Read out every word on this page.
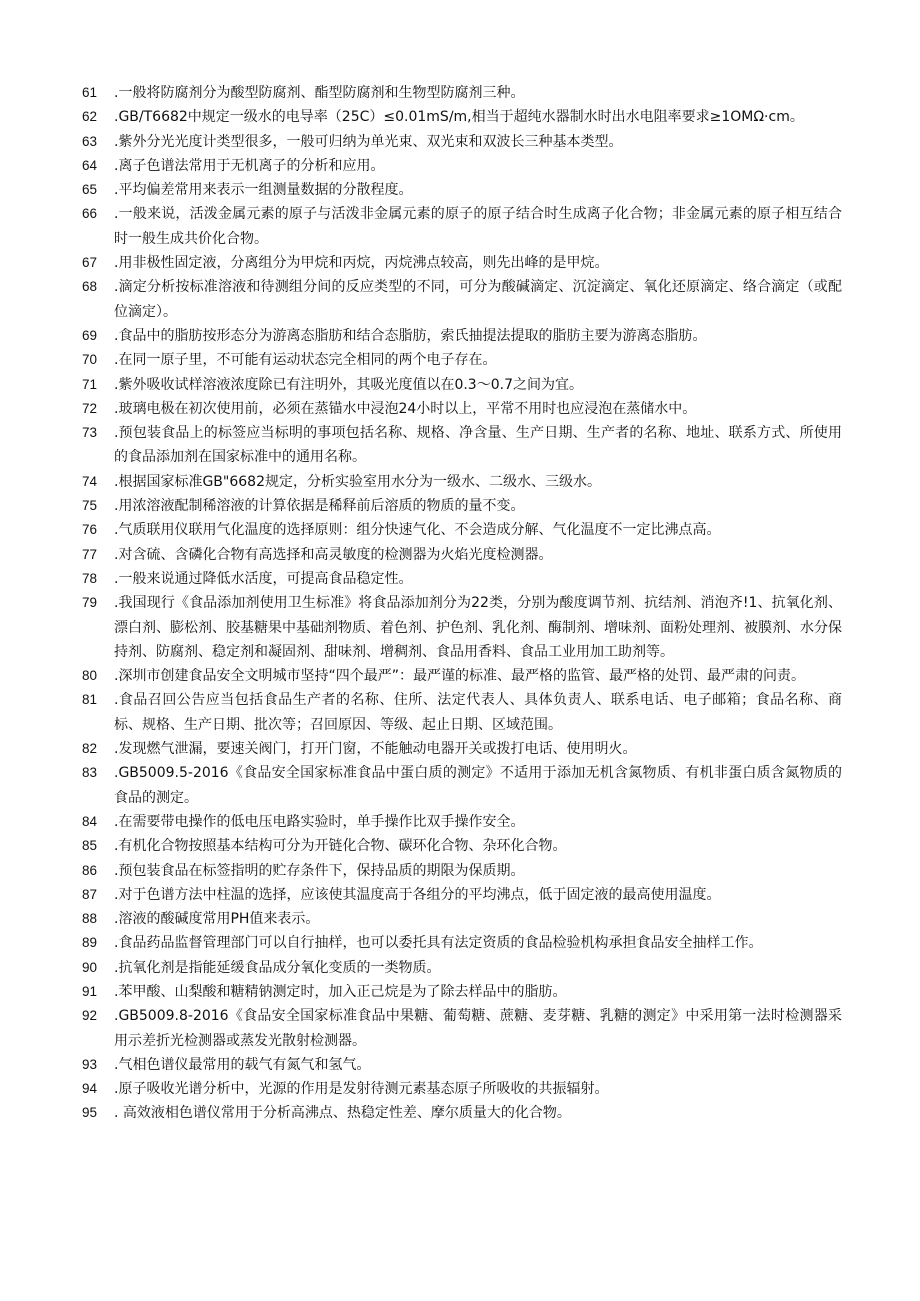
61	.一般将防腐剂分为酸型防腐剂、酯型防腐剂和生物型防腐剂三种。
62	.GB/T6682中规定一级水的电导率（25C）≤0.01mS∕m,相当于超纯水器制水时出水电阻率要求≥1OMΩ·cm。
63	.紫外分光光度计类型很多，一般可归纳为单光束、双光束和双波长三种基本类型。
64	.离子色谱法常用于无机离子的分析和应用。
65	.平均偏差常用来表示一组测量数据的分散程度。
66	.一般来说，活泼金属元素的原子与活泼非金属元素的原子的原子结合时生成离子化合物；非金属元素的原子相互结合时一般生成共价化合物。
67	.用非极性固定液，分离组分为甲烷和丙烷，丙烷沸点较高，则先出峰的是甲烷。
68	.滴定分析按标准溶液和待测组分间的反应类型的不同，可分为酸碱滴定、沉淀滴定、氧化还原滴定、络合滴定（或配位滴定）。
69	.食品中的脂肪按形态分为游离态脂肪和结合态脂肪，索氏抽提法提取的脂肪主要为游离态脂肪。
70	.在同一原子里，不可能有运动状态完全相同的两个电子存在。
71	.紫外吸收试样溶液浓度除已有注明外，其吸光度值以在0.3～0.7之间为宜。
72	.玻璃电极在初次使用前，必须在蒸锚水中浸泡24小时以上，平常不用时也应浸泡在蒸储水中。
73	.预包装食品上的标签应当标明的事项包括名称、规格、净含量、生产日期、生产者的名称、地址、联系方式、所使用的食品添加剂在国家标准中的通用名称。
74	.根据国家标准GB"6682规定，分析实验室用水分为一级水、二级水、三级水。
75	.用浓溶液配制稀溶液的计算依据是稀释前后溶质的物质的量不变。
76	.气质联用仪联用气化温度的选择原则：组分快速气化、不会造成分解、气化温度不一定比沸点高。
77	.对含硫、含磷化合物有高选择和高灵敏度的检测器为火焰光度检测器。
78	.一般来说通过降低水活度，可提高食品稳定性。
79	.我国现行《食品添加剂使用卫生标准》将食品添加剂分为22类，分别为酸度调节剂、抗结剂、消泡齐!1、抗氧化剂、漂白剂、膨松剂、胶基糖果中基础剂物质、着色剂、护色剂、乳化剂、酶制剂、增味剂、面粉处理剂、被膜剂、水分保持剂、防腐剂、稳定剂和凝固剂、甜味剂、增稠剂、食品用香料、食品工业用加工助剂等。
80	.深圳市创建食品安全文明城市坚持“四个最严”：最严谨的标准、最严格的监管、最严格的处罚、最严肃的问责。
81	.食品召回公告应当包括食品生产者的名称、住所、法定代表人、具体负责人、联系电话、电子邮箱；食品名称、商标、规格、生产日期、批次等；召回原因、等级、起止日期、区域范围。
82	.发现燃气泄漏，要速关阀门，打开门窗，不能触动电器开关或拨打电话、使用明火。
83	.GB5009.5-2016《食品安全国家标准食品中蛋白质的测定》不适用于添加无机含氮物质、有机非蛋白质含氮物质的食品的测定。
84	.在需要带电操作的低电压电路实验时，单手操作比双手操作安全。
85	.有机化合物按照基本结构可分为开链化合物、碳环化合物、杂环化合物。
86	.预包装食品在标签指明的贮存条件下，保持品质的期限为保质期。
87	.对于色谱方法中柱温的选择，应该使其温度高于各组分的平均沸点，低于固定液的最高使用温度。
88	.溶液的酸碱度常用PH值来表示。
89	.食品药品监督管理部门可以自行抽样，也可以委托具有法定资质的食品检验机构承担食品安全抽样工作。
90	.抗氧化剂是指能延缓食品成分氧化变质的一类物质。
91	.苯甲酸、山梨酸和糖精钠测定时，加入正己烷是为了除去样品中的脂肪。
92	.GB5009.8-2016《食品安全国家标准食品中果糖、葡萄糖、蔗糖、麦芽糖、乳糖的测定》中采用第一法时检测器采用示差折光检测器或蒸发光散射检测器。
93	.气相色谱仪最常用的载气有氮气和氢气。
94	.原子吸收光谱分析中，光源的作用是发射待测元素基态原子所吸收的共振辐射。
95	. 高效液相色谱仪常用于分析高沸点、热稳定性差、摩尔质量大的化合物。
